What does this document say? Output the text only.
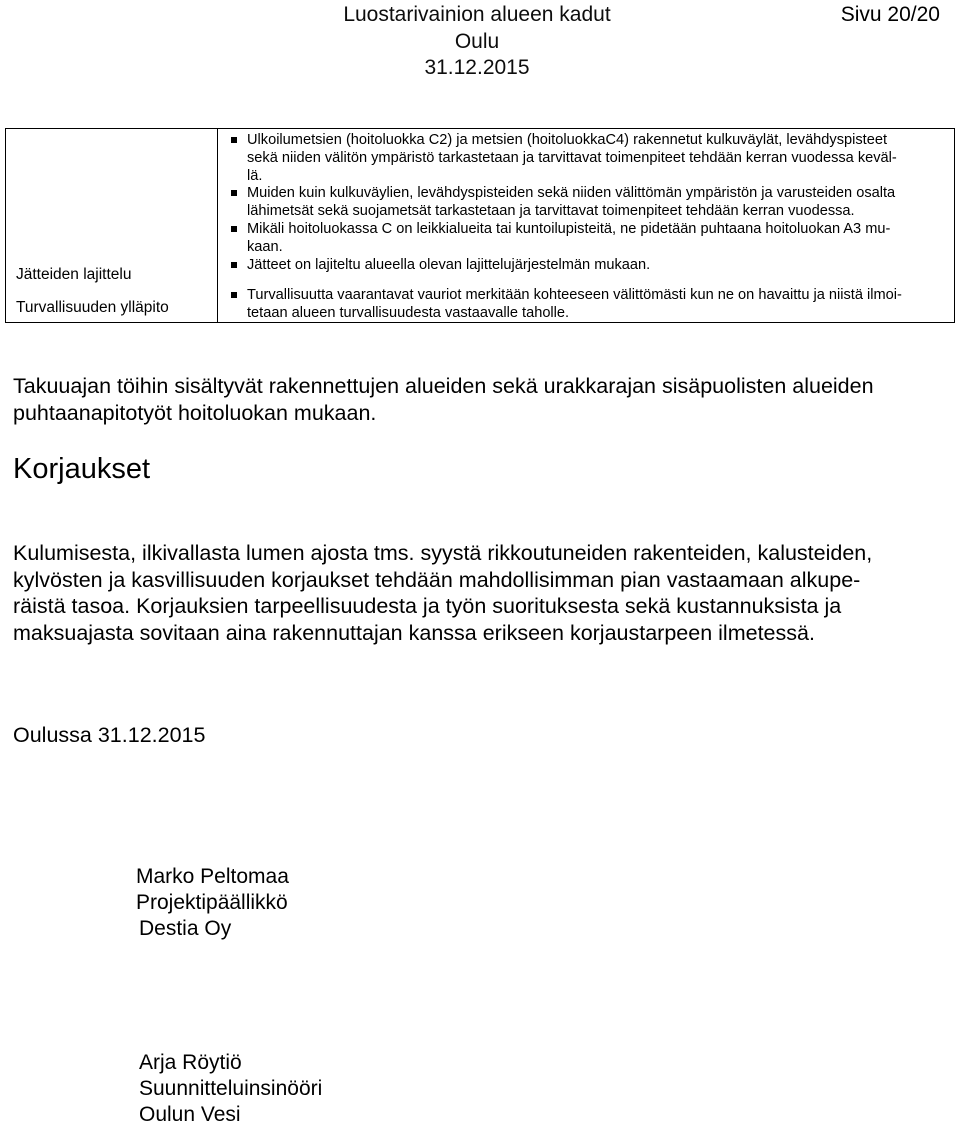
Luostarivainion alueen kadut
Oulu
31.12.2015
Sivu 20/20
Jätteiden lajittelu
Turvallisuuden ylläpito
Ulkoilumetsien (hoitoluokka C2) ja metsien (hoitoluokkaC4) rakennetut kulkuväylät, levähdyspisteet
sekä niiden välitön ympäristö tarkastetaan ja tarvittavat toimenpiteet tehdään kerran vuodessa keväl-
lä.
Muiden kuin kulkuväylien, levähdyspisteiden sekä niiden välittömän ympäristön ja varusteiden osalta
lähimetsät sekä suojametsät tarkastetaan ja tarvittavat toimenpiteet tehdään kerran vuodessa.
Mikäli hoitoluokassa C on leikkialueita tai kuntoilupisteitä, ne pidetään puhtaana hoitoluokan A3 mu-
kaan.
Jätteet on lajiteltu alueella olevan lajittelujärjestelmän mukaan.
Turvallisuutta vaarantavat vauriot merkitään kohteeseen välittömästi kun ne on havaittu ja niistä ilmoi-
tetaan alueen turvallisuudesta vastaavalle taholle.
Takuuajan töihin sisältyvät rakennettujen alueiden sekä urakkarajan sisäpuolisten alueiden
puhtaanapitotyöt hoitoluokan mukaan.
Korjaukset
Kulumisesta, ilkivallasta lumen ajosta tms. syystä rikkoutuneiden rakenteiden, kalusteiden,
kylvösten ja kasvillisuuden korjaukset tehdään mahdollisimman pian vastaamaan alkupe-
räistä tasoa. Korjauksien tarpeellisuudesta ja työn suorituksesta sekä kustannuksista ja
maksuajasta sovitaan aina rakennuttajan kanssa erikseen korjaustarpeen ilmetessä.
Oulussa 31.12.2015
Marko Peltomaa
Projektipäällikkö
Destia Oy
Arja Röytiö
Suunnitteluinsinööri
Oulun Vesi
